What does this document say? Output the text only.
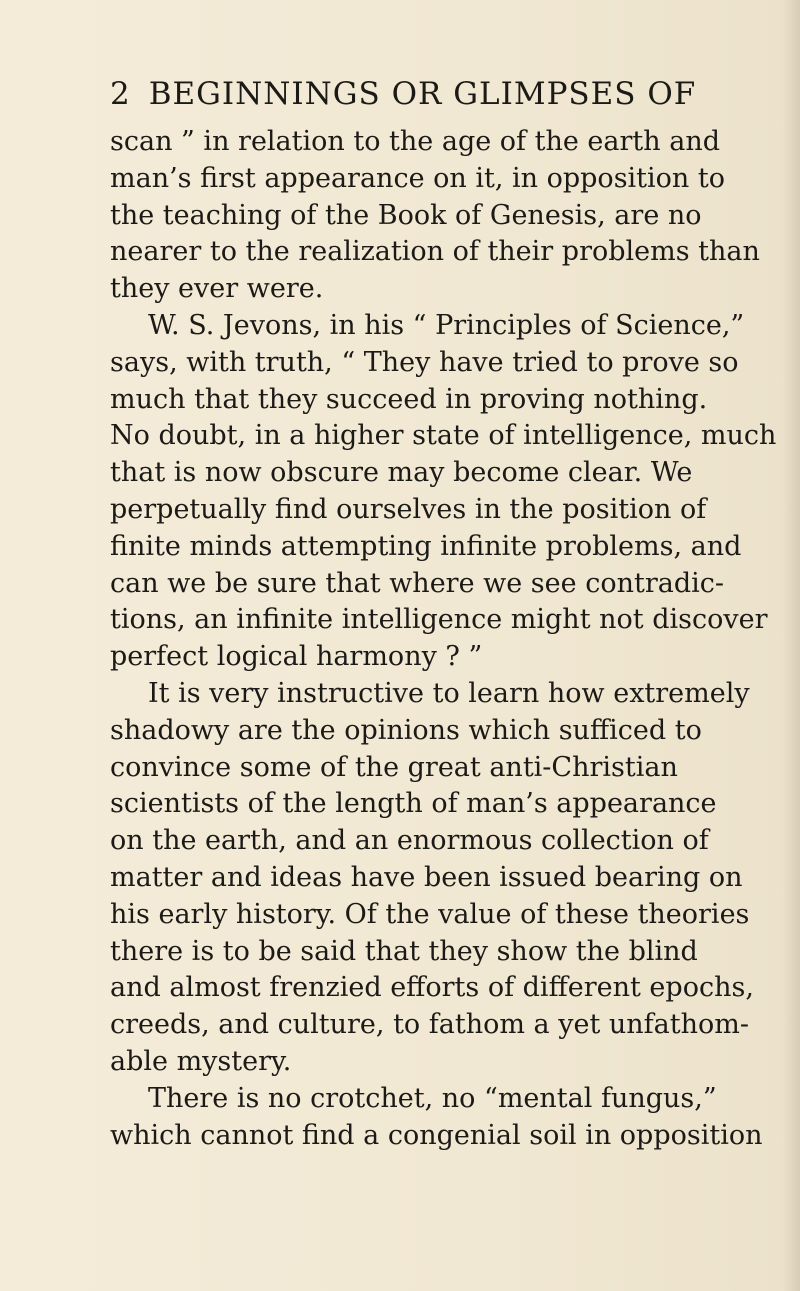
2 BEGINNINGS OR GLIMPSES OF
scan ” in relation to the age of the earth and
man’s first appearance on it, in opposition to
the teaching of the Book of Genesis, are no
nearer to the realization of their problems than
they ever were.
W. S. Jevons, in his “ Principles of Science,”
says, with truth, “ They have tried to prove so
much that they succeed in proving nothing.
No doubt, in a higher state of intelligence, much
that is now obscure may become clear. We
perpetually find ourselves in the position of
finite minds attempting infinite problems, and
can we be sure that where we see contradic-
tions, an infinite intelligence might not discover
perfect logical harmony ? ”
It is very instructive to learn how extremely
shadowy are the opinions which sufficed to
convince some of the great anti-Christian
scientists of the length of man’s appearance
on the earth, and an enormous collection of
matter and ideas have been issued bearing on
his early history. Of the value of these theories
there is to be said that they show the blind
and almost frenzied efforts of different epochs,
creeds, and culture, to fathom a yet unfathom-
able mystery.
There is no crotchet, no “mental fungus,”
which cannot find a congenial soil in opposition
